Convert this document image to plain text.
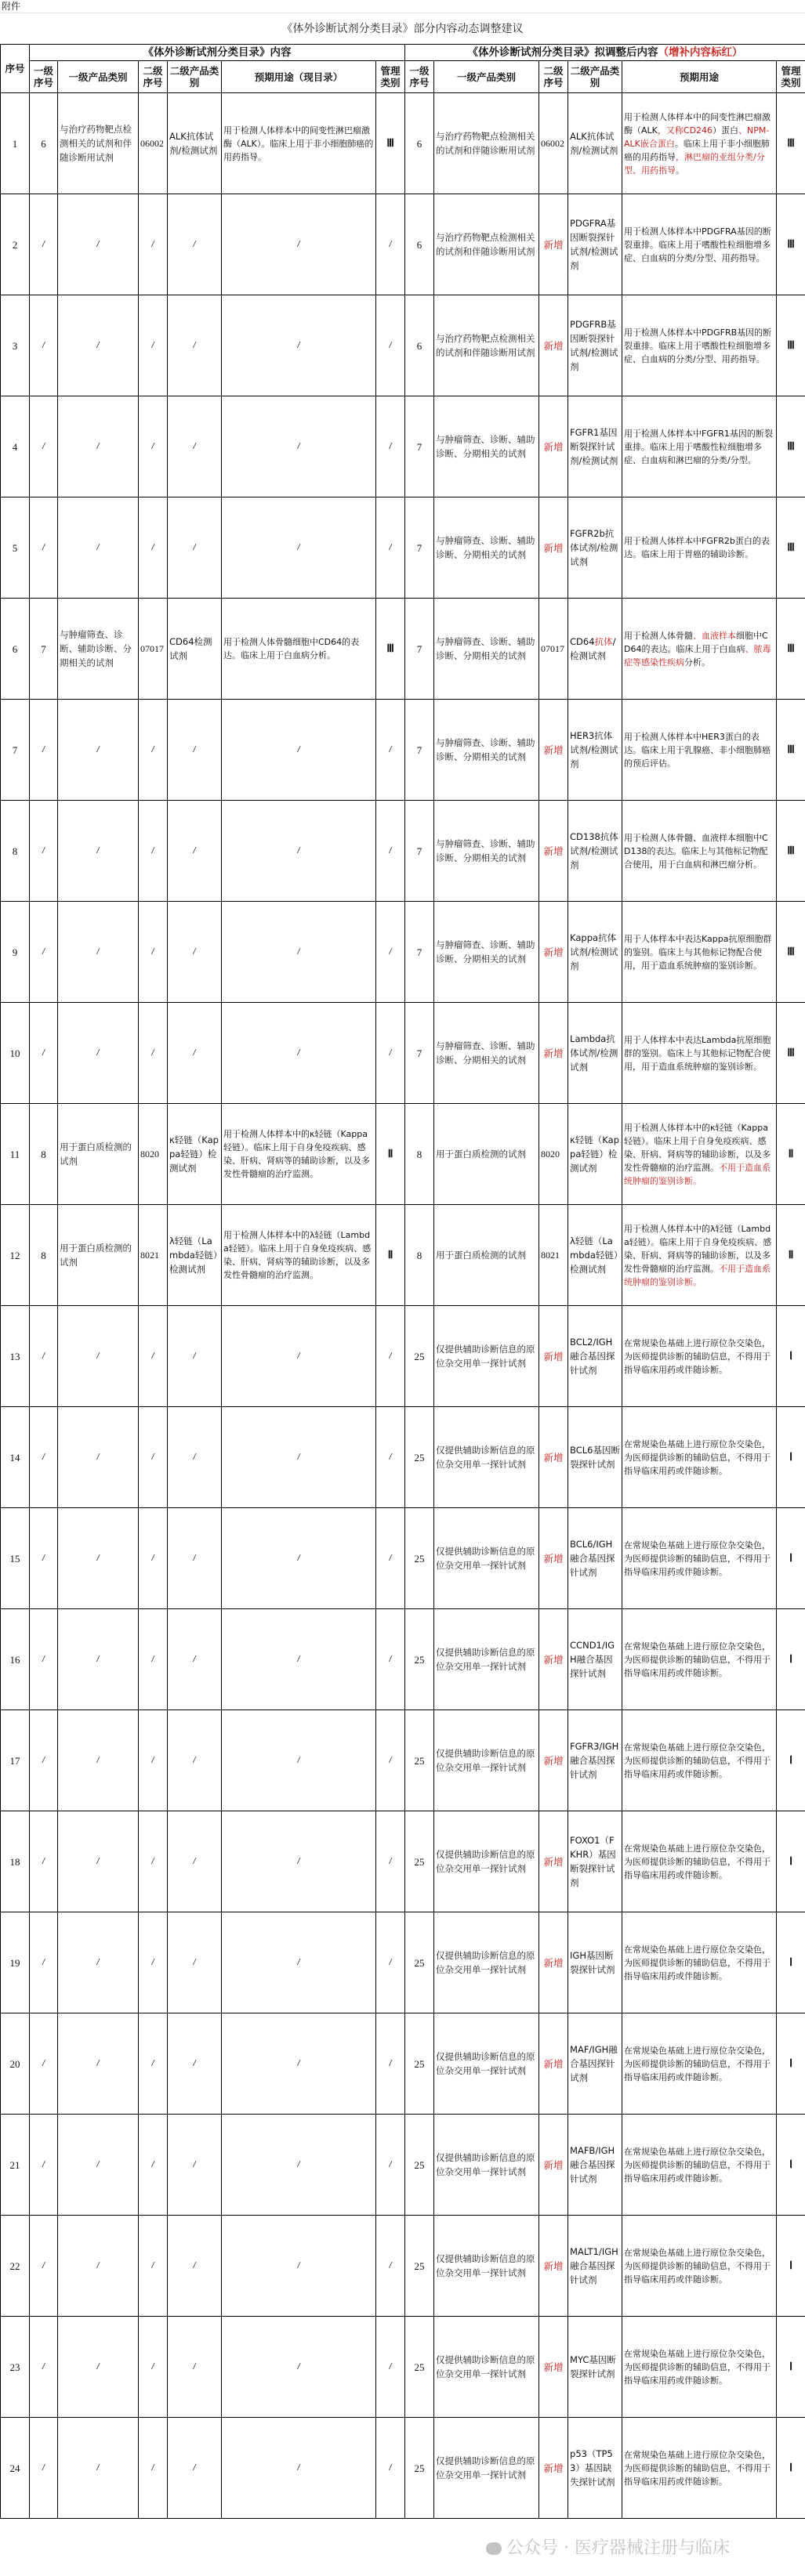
附件
《体外诊断试剂分类目录》部分内容动态调整建议
序号	《体外诊断试剂分类目录》内容						《体外诊断试剂分类目录》拟调整后内容（增补内容标红）					
	一级序号	一级产品类别	二级序号	二级产品类别	预期用途（现目录）	管理类别	一级序号	一级产品类别	二级序号	二级产品类别	预期用途	管理类别
1	6	与治疗药物靶点检测相关的试剂和伴随诊断用试剂	06002	ALK抗体试剂/检测试剂	用于检测人体样本中的间变性淋巴瘤激酶（ALK）。临床上用于非小细胞肺癌的用药指导。	Ⅲ	6	与治疗药物靶点检测相关的试剂和伴随诊断用试剂	06002	ALK抗体试剂/检测试剂	用于检测人体样本中的间变性淋巴瘤激酶（ALK，又称CD246）蛋白、NPM-ALK嵌合蛋白。临床上用于非小细胞肺癌的用药指导，淋巴瘤的亚组分类/分型、用药指导。	Ⅲ
2	/	/	/	/	/	/	6	与治疗药物靶点检测相关的试剂和伴随诊断用试剂	新增	PDGFRA基因断裂探针试剂/检测试剂	用于检测人体样本中PDGFRA基因的断裂重排。临床上用于嗜酸性粒细胞增多症、白血病的分类/分型、用药指导。	Ⅲ
3	/	/	/	/	/	/	6	与治疗药物靶点检测相关的试剂和伴随诊断用试剂	新增	PDGFRB基因断裂探针试剂/检测试剂	用于检测人体样本中PDGFRB基因的断裂重排。临床上用于嗜酸性粒细胞增多症、白血病的分类/分型、用药指导。	Ⅲ
4	/	/	/	/	/	/	7	与肿瘤筛查、诊断、辅助诊断、分期相关的试剂	新增	FGFR1基因断裂探针试剂/检测试剂	用于检测人体样本中FGFR1基因的断裂重排。临床上用于嗜酸性粒细胞增多症、白血病和淋巴瘤的分类/分型。	Ⅲ
5	/	/	/	/	/	/	7	与肿瘤筛查、诊断、辅助诊断、分期相关的试剂	新增	FGFR2b抗体试剂/检测试剂	用于检测人体样本中FGFR2b蛋白的表达。临床上用于胃癌的辅助诊断。	Ⅲ
6	7	与肿瘤筛查、诊断、辅助诊断、分期相关的试剂	07017	CD64检测试剂	用于检测人体骨髓细胞中CD64的表达。临床上用于白血病分析。	Ⅲ	7	与肿瘤筛查、诊断、辅助诊断、分期相关的试剂	07017	CD64抗体/检测试剂	用于检测人体骨髓、血液样本细胞中CD64的表达。临床上用于白血病、脓毒症等感染性疾病分析。	Ⅲ
7	/	/	/	/	/	/	7	与肿瘤筛查、诊断、辅助诊断、分期相关的试剂	新增	HER3抗体试剂/检测试剂	用于检测人体样本中HER3蛋白的表达。临床上用于乳腺癌、非小细胞肺癌的预后评估。	Ⅲ
8	/	/	/	/	/	/	7	与肿瘤筛查、诊断、辅助诊断、分期相关的试剂	新增	CD138抗体试剂/检测试剂	用于检测人体骨髓、血液样本细胞中CD138的表达。临床上与其他标记物配合使用，用于白血病和淋巴瘤分析。	Ⅲ
9	/	/	/	/	/	/	7	与肿瘤筛查、诊断、辅助诊断、分期相关的试剂	新增	Kappa抗体试剂/检测试剂	用于人体样本中表达Kappa抗原细胞群的鉴别。临床上与其他标记物配合使用，用于造血系统肿瘤的鉴别诊断。	Ⅲ
10	/	/	/	/	/	/	7	与肿瘤筛查、诊断、辅助诊断、分期相关的试剂	新增	Lambda抗体试剂/检测试剂	用于人体样本中表达Lambda抗原细胞群的鉴别。临床上与其他标记物配合使用，用于造血系统肿瘤的鉴别诊断。	Ⅲ
11	8	用于蛋白质检测的试剂	8020	κ轻链（Kappa轻链）检测试剂	用于检测人体样本中的κ轻链（Kappa轻链）。临床上用于自身免疫疾病、感染、肝病、肾病等的辅助诊断，以及多发性骨髓瘤的治疗监测。	Ⅱ	8	用于蛋白质检测的试剂	8020	κ轻链（Kappa轻链）检测试剂	用于检测人体样本中的κ轻链（Kappa轻链）。临床上用于自身免疫疾病、感染、肝病、肾病等的辅助诊断，以及多发性骨髓瘤的治疗监测。不用于造血系统肿瘤的鉴别诊断。	Ⅱ
12	8	用于蛋白质检测的试剂	8021	λ轻链（Lambda轻链）检测试剂	用于检测人体样本中的λ轻链（Lambda轻链）。临床上用于自身免疫疾病、感染、肝病、肾病等的辅助诊断，以及多发性骨髓瘤的治疗监测。	Ⅱ	8	用于蛋白质检测的试剂	8021	λ轻链（Lambda轻链）检测试剂	用于检测人体样本中的λ轻链（Lambda轻链）。临床上用于自身免疫疾病、感染、肝病、肾病等的辅助诊断，以及多发性骨髓瘤的治疗监测。不用于造血系统肿瘤的鉴别诊断。	Ⅱ
13	/	/	/	/	/	/	25	仅提供辅助诊断信息的原位杂交用单一探针试剂	新增	BCL2/IGH融合基因探针试剂	在常规染色基础上进行原位杂交染色，为医师提供诊断的辅助信息，不得用于指导临床用药或伴随诊断。	Ⅰ
14	/	/	/	/	/	/	25	仅提供辅助诊断信息的原位杂交用单一探针试剂	新增	BCL6基因断裂探针试剂	在常规染色基础上进行原位杂交染色，为医师提供诊断的辅助信息，不得用于指导临床用药或伴随诊断。	Ⅰ
15	/	/	/	/	/	/	25	仅提供辅助诊断信息的原位杂交用单一探针试剂	新增	BCL6/IGH融合基因探针试剂	在常规染色基础上进行原位杂交染色，为医师提供诊断的辅助信息，不得用于指导临床用药或伴随诊断。	Ⅰ
16	/	/	/	/	/	/	25	仅提供辅助诊断信息的原位杂交用单一探针试剂	新增	CCND1/IGH融合基因探针试剂	在常规染色基础上进行原位杂交染色，为医师提供诊断的辅助信息，不得用于指导临床用药或伴随诊断。	Ⅰ
17	/	/	/	/	/	/	25	仅提供辅助诊断信息的原位杂交用单一探针试剂	新增	FGFR3/IGH融合基因探针试剂	在常规染色基础上进行原位杂交染色，为医师提供诊断的辅助信息，不得用于指导临床用药或伴随诊断。	Ⅰ
18	/	/	/	/	/	/	25	仅提供辅助诊断信息的原位杂交用单一探针试剂	新增	FOXO1（FKHR）基因断裂探针试剂	在常规染色基础上进行原位杂交染色，为医师提供诊断的辅助信息，不得用于指导临床用药或伴随诊断。	Ⅰ
19	/	/	/	/	/	/	25	仅提供辅助诊断信息的原位杂交用单一探针试剂	新增	IGH基因断裂探针试剂	在常规染色基础上进行原位杂交染色，为医师提供诊断的辅助信息，不得用于指导临床用药或伴随诊断。	Ⅰ
20	/	/	/	/	/	/	25	仅提供辅助诊断信息的原位杂交用单一探针试剂	新增	MAF/IGH融合基因探针试剂	在常规染色基础上进行原位杂交染色，为医师提供诊断的辅助信息，不得用于指导临床用药或伴随诊断。	Ⅰ
21	/	/	/	/	/	/	25	仅提供辅助诊断信息的原位杂交用单一探针试剂	新增	MAFB/IGH融合基因探针试剂	在常规染色基础上进行原位杂交染色，为医师提供诊断的辅助信息，不得用于指导临床用药或伴随诊断。	Ⅰ
22	/	/	/	/	/	/	25	仅提供辅助诊断信息的原位杂交用单一探针试剂	新增	MALT1/IGH融合基因探针试剂	在常规染色基础上进行原位杂交染色，为医师提供诊断的辅助信息，不得用于指导临床用药或伴随诊断。	Ⅰ
23	/	/	/	/	/	/	25	仅提供辅助诊断信息的原位杂交用单一探针试剂	新增	MYC基因断裂探针试剂	在常规染色基础上进行原位杂交染色，为医师提供诊断的辅助信息，不得用于指导临床用药或伴随诊断。	Ⅰ
24	/	/	/	/	/	/	25	仅提供辅助诊断信息的原位杂交用单一探针试剂	新增	p53（TP53）基因缺失探针试剂	在常规染色基础上进行原位杂交染色，为医师提供诊断的辅助信息，不得用于指导临床用药或伴随诊断。	Ⅰ
公众号 · 医疗器械注册与临床
